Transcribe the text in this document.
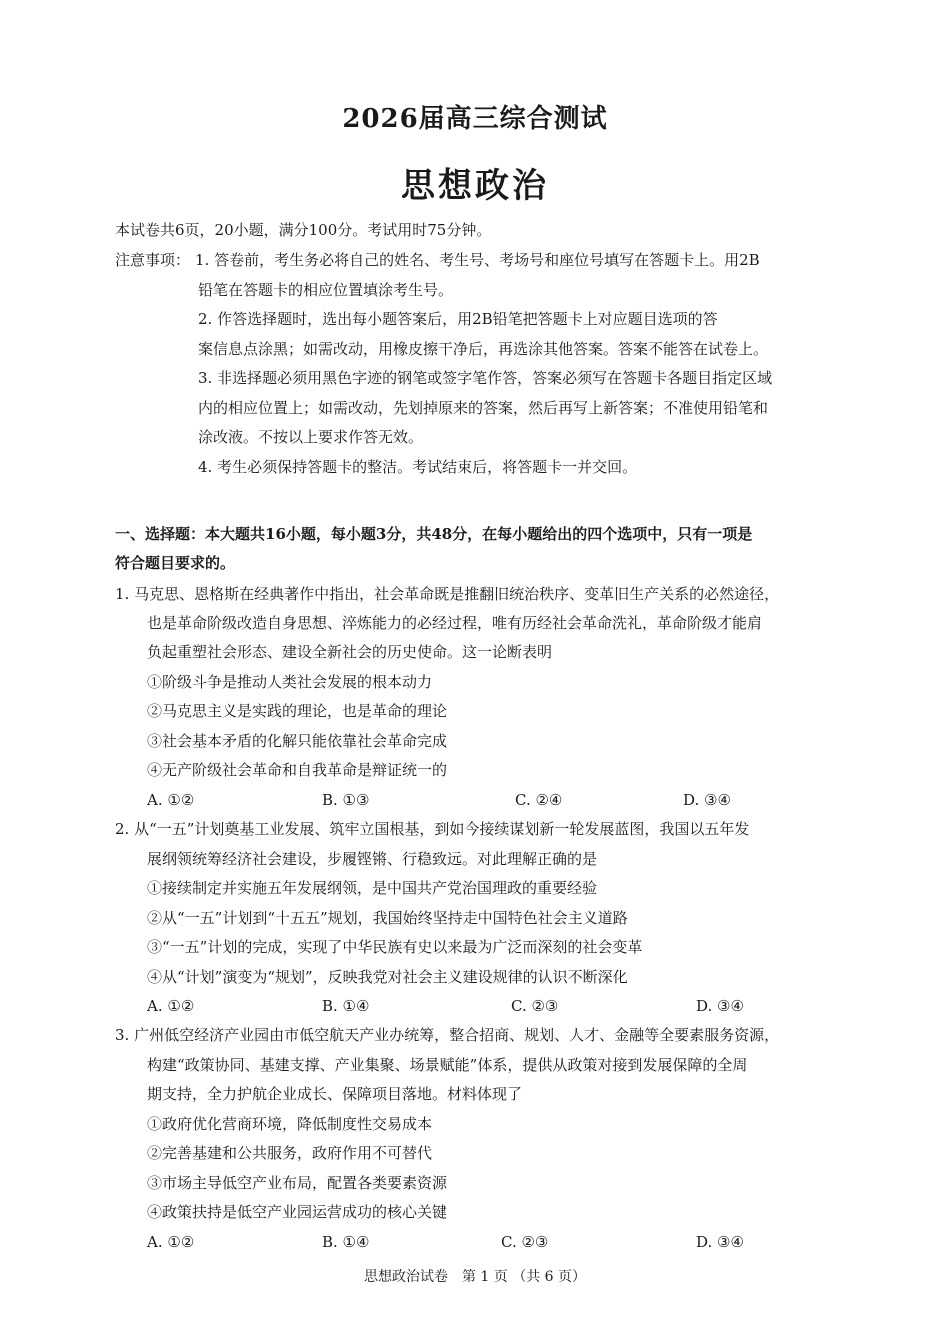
2026届高三综合测试
思想政治
本试卷共6页，20小题，满分100分。考试用时75分钟。
注意事项： 1. 答卷前，考生务必将自己的姓名、考生号、考场号和座位号填写在答题卡上。用2B
铅笔在答题卡的相应位置填涂考生号。
2. 作答选择题时，选出每小题答案后，用2B铅笔把答题卡上对应题目选项的答
案信息点涂黑；如需改动，用橡皮擦干净后，再选涂其他答案。答案不能答在试卷上。
3. 非选择题必须用黑色字迹的钢笔或签字笔作答，答案必须写在答题卡各题目指定区域
内的相应位置上；如需改动，先划掉原来的答案，然后再写上新答案；不准使用铅笔和
涂改液。不按以上要求作答无效。
4. 考生必须保持答题卡的整洁。考试结束后，将答题卡一并交回。
一、选择题：本大题共16小题，每小题3分，共48分，在每小题给出的四个选项中，只有一项是
符合题目要求的。
1. 马克思、恩格斯在经典著作中指出，社会革命既是推翻旧统治秩序、变革旧生产关系的必然途径，
也是革命阶级改造自身思想、淬炼能力的必经过程，唯有历经社会革命洗礼，革命阶级才能肩
负起重塑社会形态、建设全新社会的历史使命。这一论断表明
①阶级斗争是推动人类社会发展的根本动力
②马克思主义是实践的理论，也是革命的理论
③社会基本矛盾的化解只能依靠社会革命完成
④无产阶级社会革命和自我革命是辩证统一的
A. ①②	B. ①③	C. ②④	D. ③④
2. 从“一五”计划奠基工业发展、筑牢立国根基，到如今接续谋划新一轮发展蓝图，我国以五年发
展纲领统筹经济社会建设，步履铿锵、行稳致远。对此理解正确的是
①接续制定并实施五年发展纲领，是中国共产党治国理政的重要经验
②从“一五”计划到“十五五”规划，我国始终坚持走中国特色社会主义道路
③“一五”计划的完成，实现了中华民族有史以来最为广泛而深刻的社会变革
④从“计划”演变为“规划”，反映我党对社会主义建设规律的认识不断深化
A. ①②	B. ①④	C. ②③	D. ③④
3. 广州低空经济产业园由市低空航天产业办统筹，整合招商、规划、人才、金融等全要素服务资源，
构建“政策协同、基建支撑、产业集聚、场景赋能”体系，提供从政策对接到发展保障的全周
期支持，全力护航企业成长、保障项目落地。材料体现了
①政府优化营商环境，降低制度性交易成本
②完善基建和公共服务，政府作用不可替代
③市场主导低空产业布局，配置各类要素资源
④政策扶持是低空产业园运营成功的核心关键
A. ①②	B. ①④	C. ②③	D. ③④
思想政治试卷　第 1 页 （共 6 页）
